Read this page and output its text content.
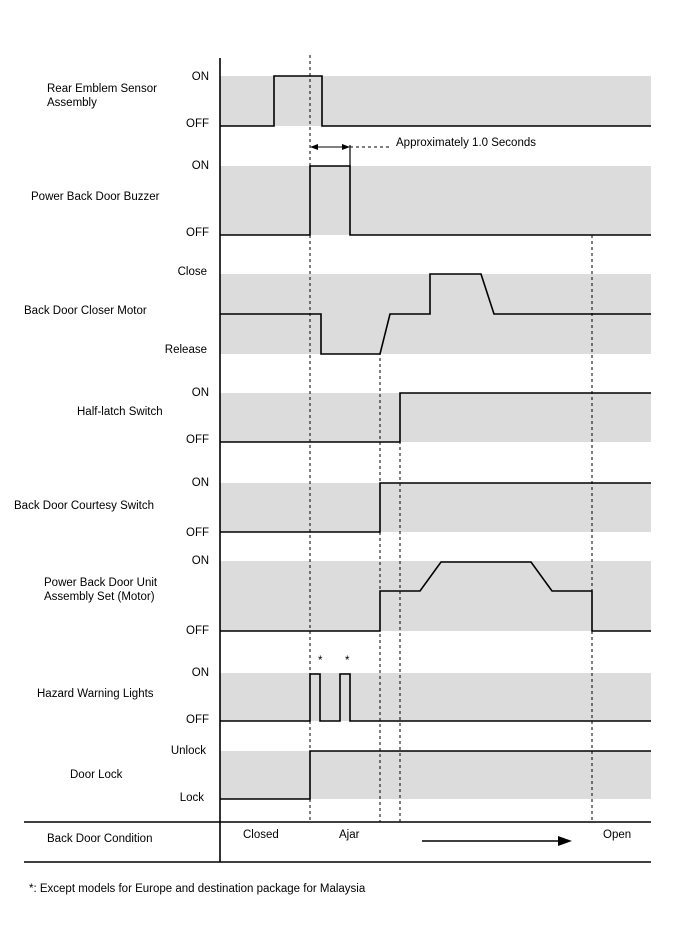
Approximately 1.0 Seconds
* *
Back Door Condition	Closed	Ajar	Open
Rear Emblem Sensor Assembly
Power Back Door Buzzer
Back Door Closer Motor
Half-latch Switch
Back Door Courtesy Switch
Power Back Door Unit Assembly Set (Motor)
Hazard Warning Lights
Door Lock
ON
OFF
ON
OFF
Close
Release
ON
OFF
ON
OFF
ON
OFF
ON
OFF
Unlock
Lock
*: Except models for Europe and destination package for Malaysia
